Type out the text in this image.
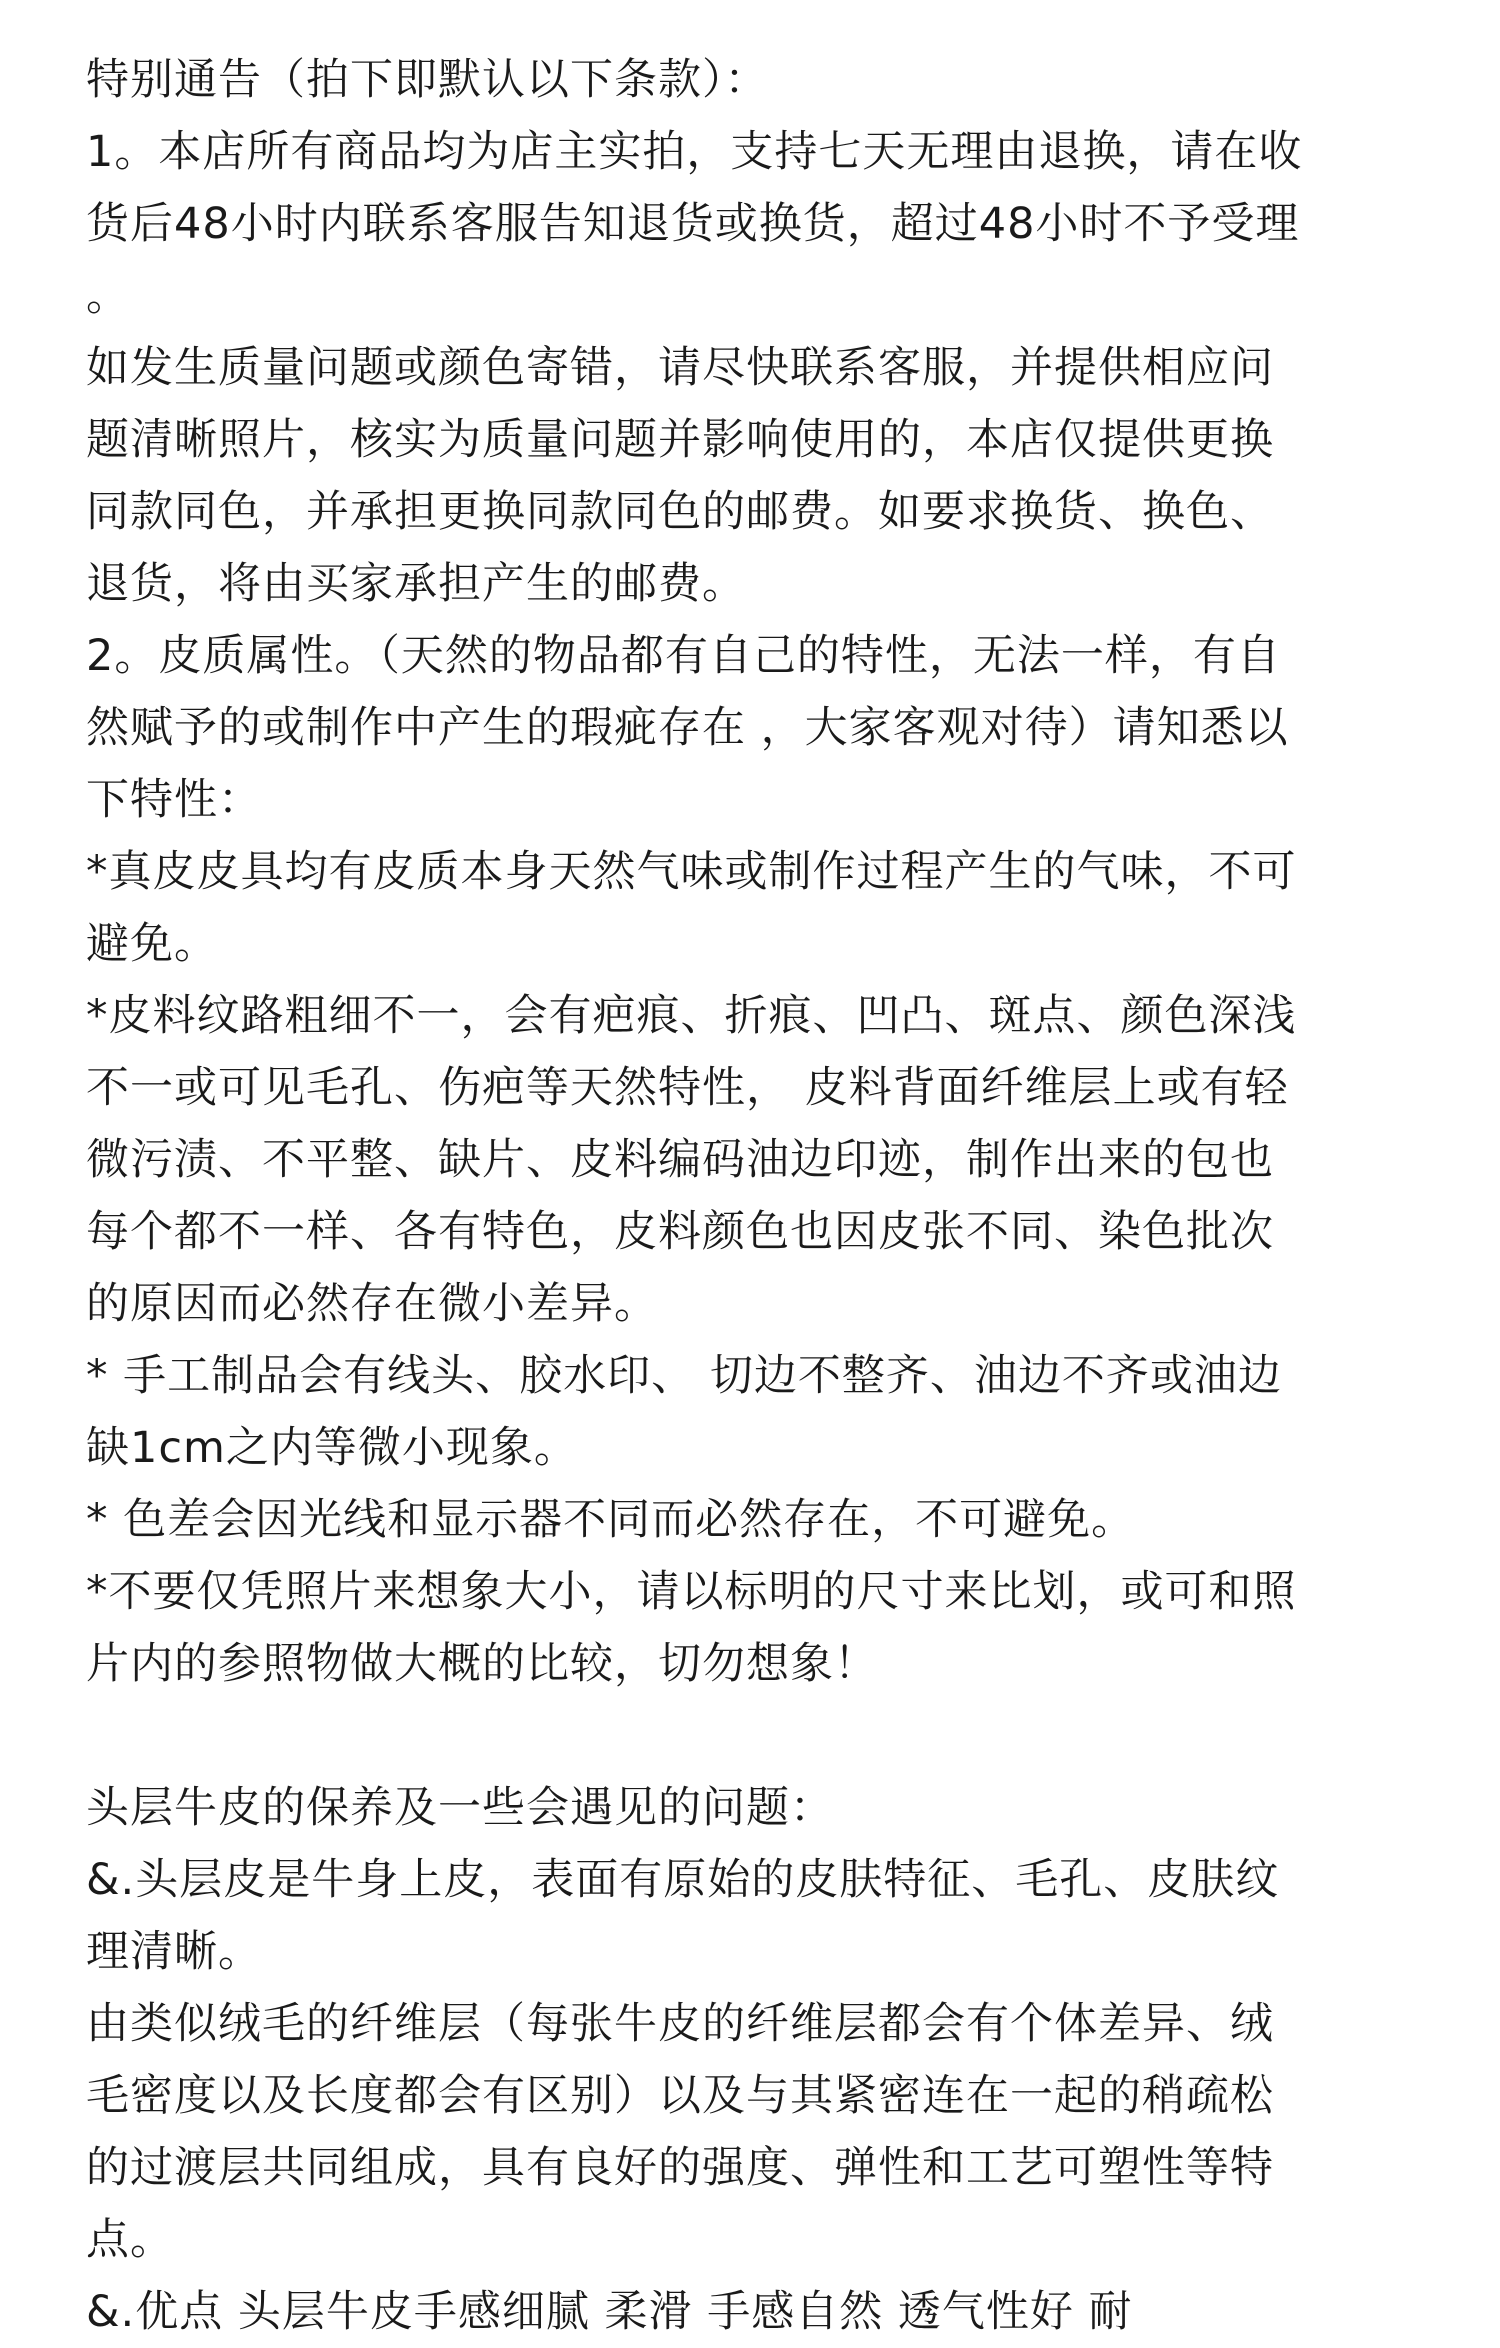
特别通告（拍下即默认以下条款）：
1。本店所有商品均为店主实拍，支持七天无理由退换，请在收
货后48小时内联系客服告知退货或换货，超过48小时不予受理
。
如发生质量问题或颜色寄错，请尽快联系客服，并提供相应问
题清晰照片，核实为质量问题并影响使用的，本店仅提供更换
同款同色，并承担更换同款同色的邮费。如要求换货、换色、
退货，将由买家承担产生的邮费。
2。皮质属性。（天然的物品都有自己的特性，无法一样，有自
然赋予的或制作中产生的瑕疵存在 ，大家客观对待）请知悉以
下特性：
*真皮皮具均有皮质本身天然气味或制作过程产生的气味，不可
避免。
*皮料纹路粗细不一，会有疤痕、折痕、凹凸、斑点、颜色深浅
不一或可见毛孔、伤疤等天然特性， 皮料背面纤维层上或有轻
微污渍、不平整、缺片、皮料编码油边印迹，制作出来的包也
每个都不一样、各有特色，皮料颜色也因皮张不同、染色批次
的原因而必然存在微小差异。
* 手工制品会有线头、胶水印、 切边不整齐、油边不齐或油边
缺1cm之内等微小现象。
* 色差会因光线和显示器不同而必然存在，不可避免。
*不要仅凭照片来想象大小，请以标明的尺寸来比划，或可和照
片内的参照物做大概的比较，切勿想象！
头层牛皮的保养及一些会遇见的问题：
&.头层皮是牛身上皮，表面有原始的皮肤特征、毛孔、皮肤纹
理清晰。
由类似绒毛的纤维层（每张牛皮的纤维层都会有个体差异、绒
毛密度以及长度都会有区别）以及与其紧密连在一起的稍疏松
的过渡层共同组成，具有良好的强度、弹性和工艺可塑性等特
点。
&.优点 头层牛皮手感细腻 柔滑 手感自然 透气性好 耐
